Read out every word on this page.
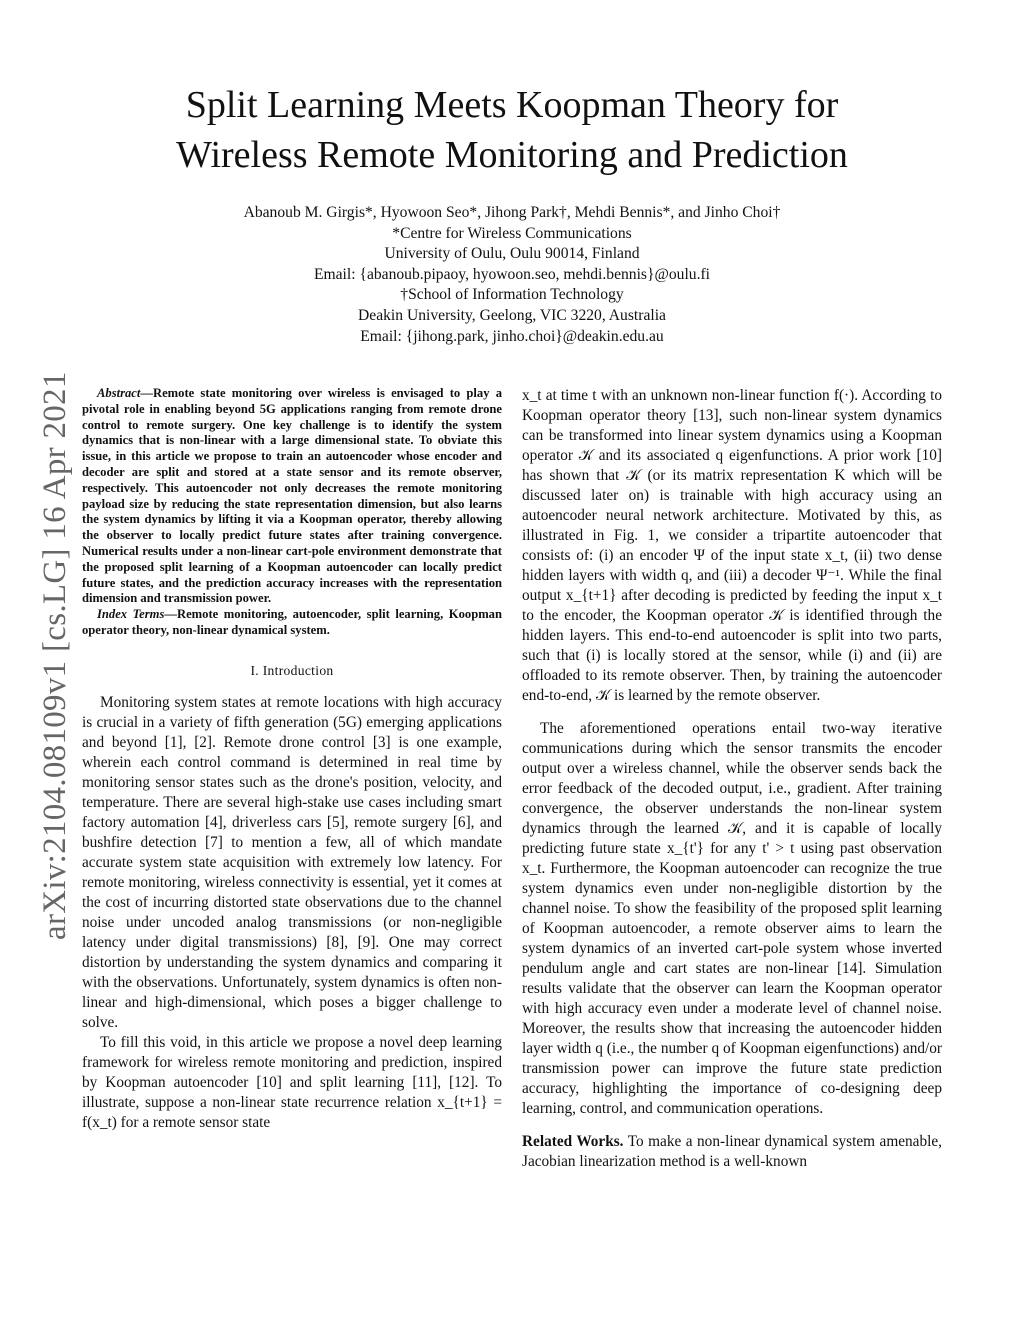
arXiv:2104.08109v1 [cs.LG] 16 Apr 2021
Split Learning Meets Koopman Theory for
Wireless Remote Monitoring and Prediction
Abanoub M. Girgis*, Hyowoon Seo*, Jihong Park†, Mehdi Bennis*, and Jinho Choi†
*Centre for Wireless Communications
University of Oulu, Oulu 90014, Finland
Email: {abanoub.pipaoy, hyowoon.seo, mehdi.bennis}@oulu.fi
†School of Information Technology
Deakin University, Geelong, VIC 3220, Australia
Email: {jihong.park, jinho.choi}@deakin.edu.au

Abstract—Remote state monitoring over wireless is envisaged to play a pivotal role in enabling beyond 5G applications ranging from remote drone control to remote surgery. One key challenge is to identify the system dynamics that is non-linear with a large dimensional state. To obviate this issue, in this article we propose to train an autoencoder whose encoder and decoder are split and stored at a state sensor and its remote observer, respectively. This autoencoder not only decreases the remote monitoring payload size by reducing the state representation dimension, but also learns the system dynamics by lifting it via a Koopman operator, thereby allowing the observer to locally predict future states after training convergence. Numerical results under a non-linear cart-pole environment demonstrate that the proposed split learning of a Koopman autoencoder can locally predict future states, and the prediction accuracy increases with the representation dimension and transmission power.

Index Terms—Remote monitoring, autoencoder, split learning, Koopman operator theory, non-linear dynamical system.

I. Introduction

Monitoring system states at remote locations with high accuracy is crucial in a variety of fifth generation (5G) emerging applications and beyond [1], [2]. Remote drone control [3] is one example, wherein each control command is determined in real time by monitoring sensor states such as the drone's position, velocity, and temperature. There are several high-stake use cases including smart factory automation [4], driverless cars [5], remote surgery [6], and bushfire detection [7] to mention a few, all of which mandate accurate system state acquisition with extremely low latency. For remote monitoring, wireless connectivity is essential, yet it comes at the cost of incurring distorted state observations due to the channel noise under uncoded analog transmissions (or non-negligible latency under digital transmissions) [8], [9]. One may correct distortion by understanding the system dynamics and comparing it with the observations. Unfortunately, system dynamics is often non-linear and high-dimensional, which poses a bigger challenge to solve.

To fill this void, in this article we propose a novel deep learning framework for wireless remote monitoring and prediction, inspired by Koopman autoencoder [10] and split learning [11], [12]. To illustrate, suppose a non-linear state recurrence relation x_{t+1} = f(x_t) for a remote sensor state

x_t at time t with an unknown non-linear function f(·). According to Koopman operator theory [13], such non-linear system dynamics can be transformed into linear system dynamics using a Koopman operator 𝒦 and its associated q eigenfunctions. A prior work [10] has shown that 𝒦 (or its matrix representation K which will be discussed later on) is trainable with high accuracy using an autoencoder neural network architecture. Motivated by this, as illustrated in Fig. 1, we consider a tripartite autoencoder that consists of: (i) an encoder Ψ of the input state x_t, (ii) two dense hidden layers with width q, and (iii) a decoder Ψ⁻¹. While the final output x_{t+1} after decoding is predicted by feeding the input x_t to the encoder, the Koopman operator 𝒦 is identified through the hidden layers. This end-to-end autoencoder is split into two parts, such that (i) is locally stored at the sensor, while (i) and (ii) are offloaded to its remote observer. Then, by training the autoencoder end-to-end, 𝒦 is learned by the remote observer.

The aforementioned operations entail two-way iterative communications during which the sensor transmits the encoder output over a wireless channel, while the observer sends back the error feedback of the decoded output, i.e., gradient. After training convergence, the observer understands the non-linear system dynamics through the learned 𝒦, and it is capable of locally predicting future state x_{t'} for any t' > t using past observation x_t. Furthermore, the Koopman autoencoder can recognize the true system dynamics even under non-negligible distortion by the channel noise. To show the feasibility of the proposed split learning of Koopman autoencoder, a remote observer aims to learn the system dynamics of an inverted cart-pole system whose inverted pendulum angle and cart states are non-linear [14]. Simulation results validate that the observer can learn the Koopman operator with high accuracy even under a moderate level of channel noise. Moreover, the results show that increasing the autoencoder hidden layer width q (i.e., the number q of Koopman eigenfunctions) and/or transmission power can improve the future state prediction accuracy, highlighting the importance of co-designing deep learning, control, and communication operations.

Related Works. To make a non-linear dynamical system amenable, Jacobian linearization method is a well-known
